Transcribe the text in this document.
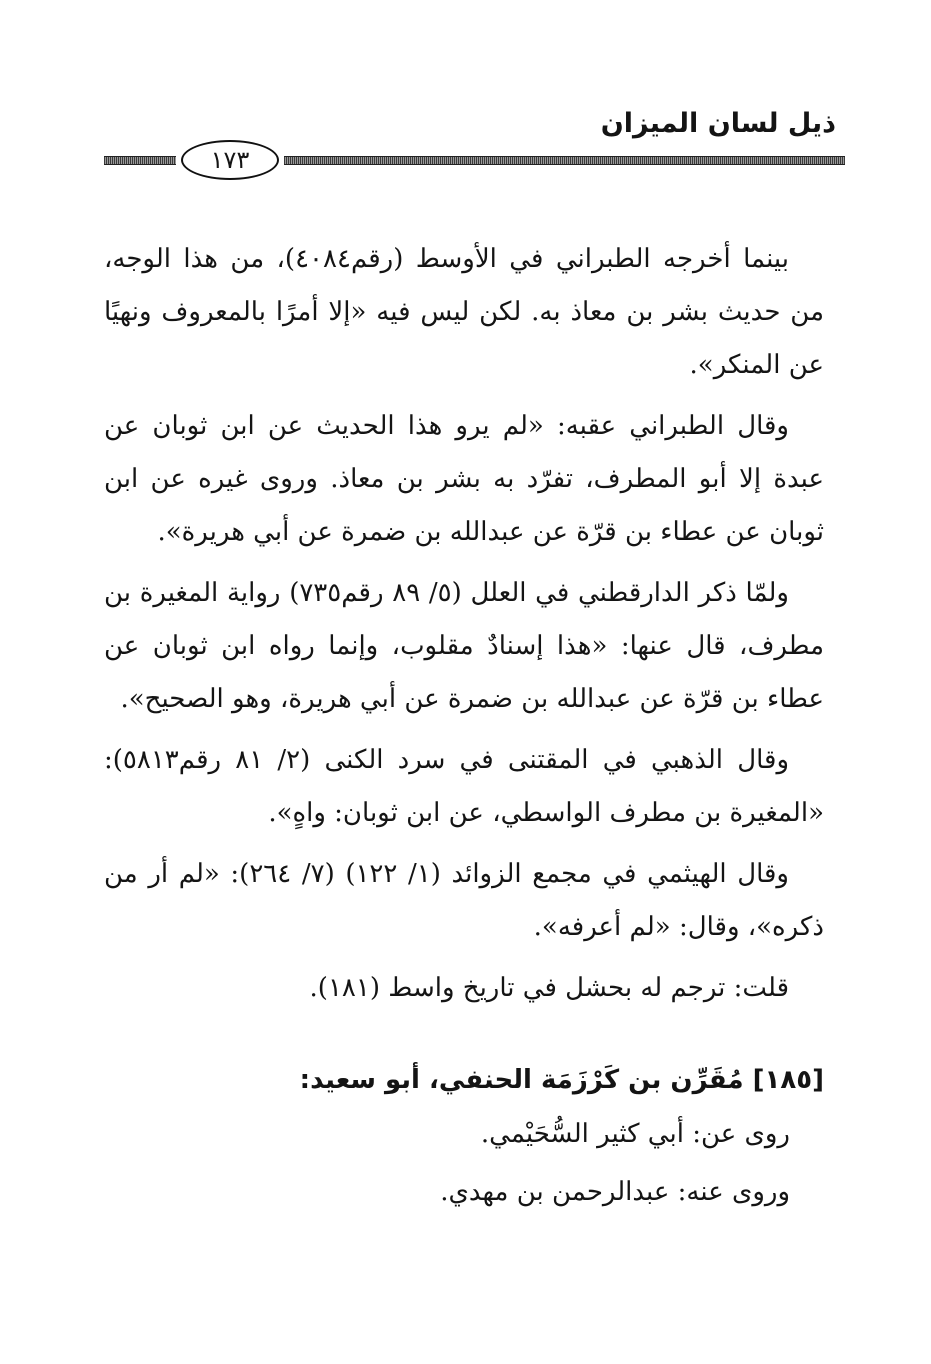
ذيل لسان الميزان
١٧٣

بينما أخرجه الطبراني في الأوسط (رقم٤٠٨٤)، من هذا الوجه، من حديث بشر بن معاذ به. لكن ليس فيه «إلا أمرًا بالمعروف ونهيًا عن المنكر».

وقال الطبراني عقبه: «لم يرو هذا الحديث عن ابن ثوبان عن عبدة إلا أبو المطرف، تفرّد به بشر بن معاذ. وروى غيره عن ابن ثوبان عن عطاء بن قرّة عن عبدالله بن ضمرة عن أبي هريرة».

ولمّا ذكر الدارقطني في العلل (٥/ ٨٩ رقم٧٣٥) رواية المغيرة بن مطرف، قال عنها: «هذا إسنادٌ مقلوب، وإنما رواه ابن ثوبان عن عطاء بن قرّة عن عبدالله بن ضمرة عن أبي هريرة، وهو الصحيح».

وقال الذهبي في المقتنى في سرد الكنى (٢/ ٨١ رقم٥٨١٣): «المغيرة بن مطرف الواسطي، عن ابن ثوبان: واهٍ».

وقال الهيثمي في مجمع الزوائد (١/ ١٢٢) (٧/ ٢٦٤): «لم أر من ذكره»، وقال: «لم أعرفه».

قلت: ترجم له بحشل في تاريخ واسط (١٨١).

[١٨٥] مُقَرِّن بن كَرْزَمَة الحنفي، أبو سعيد:

روى عن: أبي كثير السُّحَيْمي.

وروى عنه: عبدالرحمن بن مهدي.
